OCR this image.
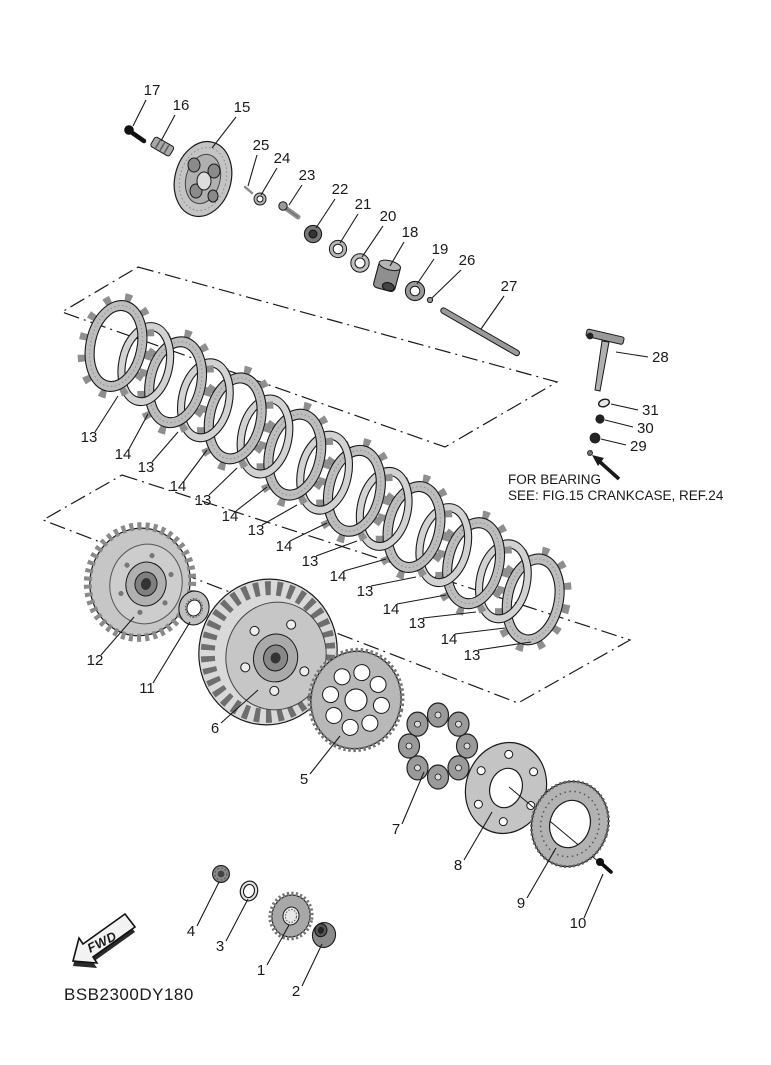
13
14
13
14
13
14
13
14
13
14
13
14
13
14
13
17
16	15
25
24
23
22
21
20
18
19
26
27
28
31
30
29
12
11
6
5
7
8
9
10
4
3
1
2
FOR BEARING
SEE: FIG.15 CRANKCASE, REF.24
FWD
BSB2300DY180
